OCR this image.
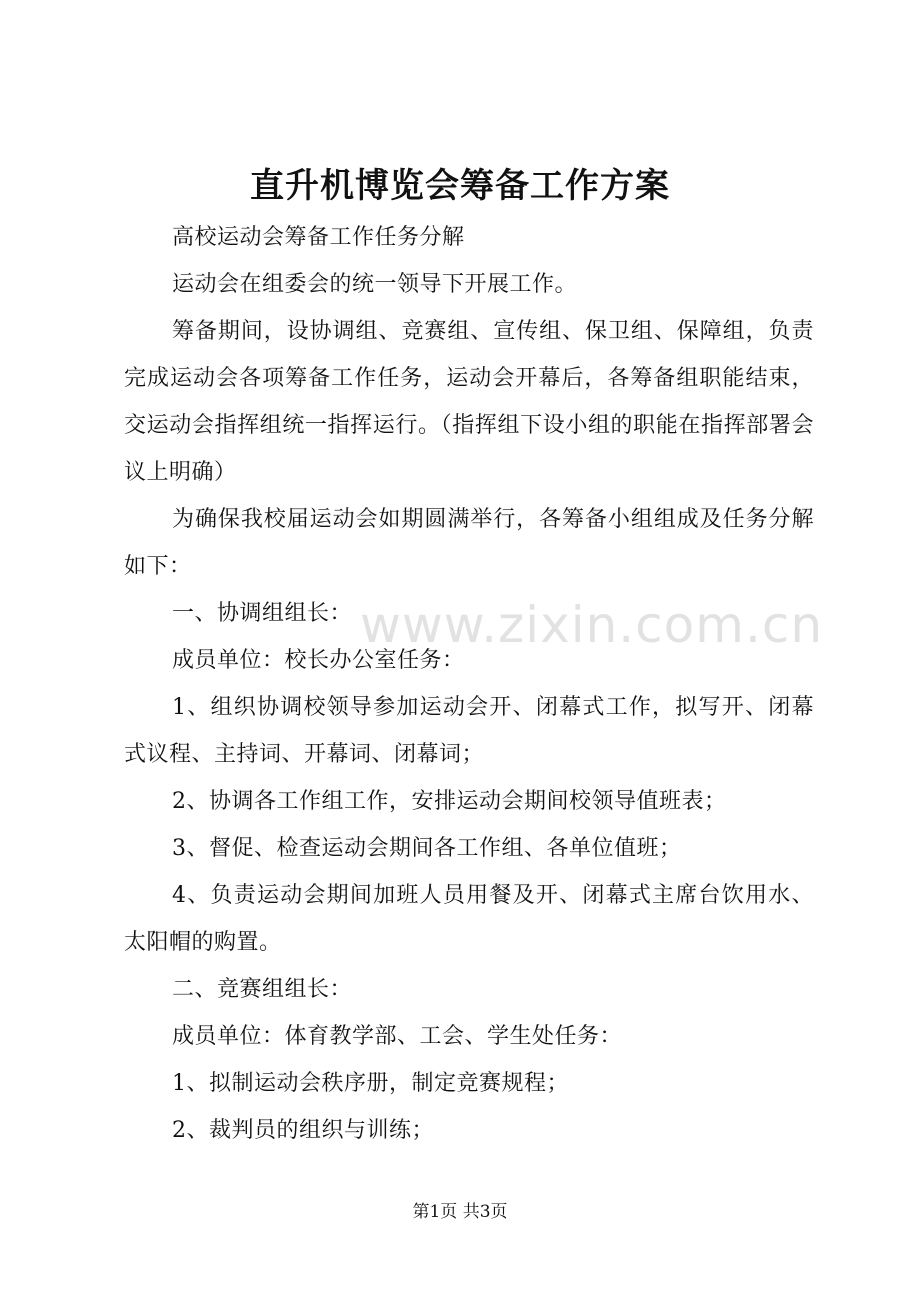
直升机博览会筹备工作方案

高校运动会筹备工作任务分解

运动会在组委会的统一领导下开展工作。

筹备期间，设协调组、竞赛组、宣传组、保卫组、保障组，负责完成运动会各项筹备工作任务，运动会开幕后，各筹备组职能结束，交运动会指挥组统一指挥运行。（指挥组下设小组的职能在指挥部署会议上明确）

为确保我校届运动会如期圆满举行，各筹备小组组成及任务分解如下：

一、协调组组长：

成员单位：校长办公室任务：

1、组织协调校领导参加运动会开、闭幕式工作，拟写开、闭幕式议程、主持词、开幕词、闭幕词；

2、协调各工作组工作，安排运动会期间校领导值班表；

3、督促、检查运动会期间各工作组、各单位值班；

4、负责运动会期间加班人员用餐及开、闭幕式主席台饮用水、太阳帽的购置。

二、竞赛组组长：

成员单位：体育教学部、工会、学生处任务：

1、拟制运动会秩序册，制定竞赛规程；

2、裁判员的组织与训练；

www.zixin.com.cn
第1页 共3页
